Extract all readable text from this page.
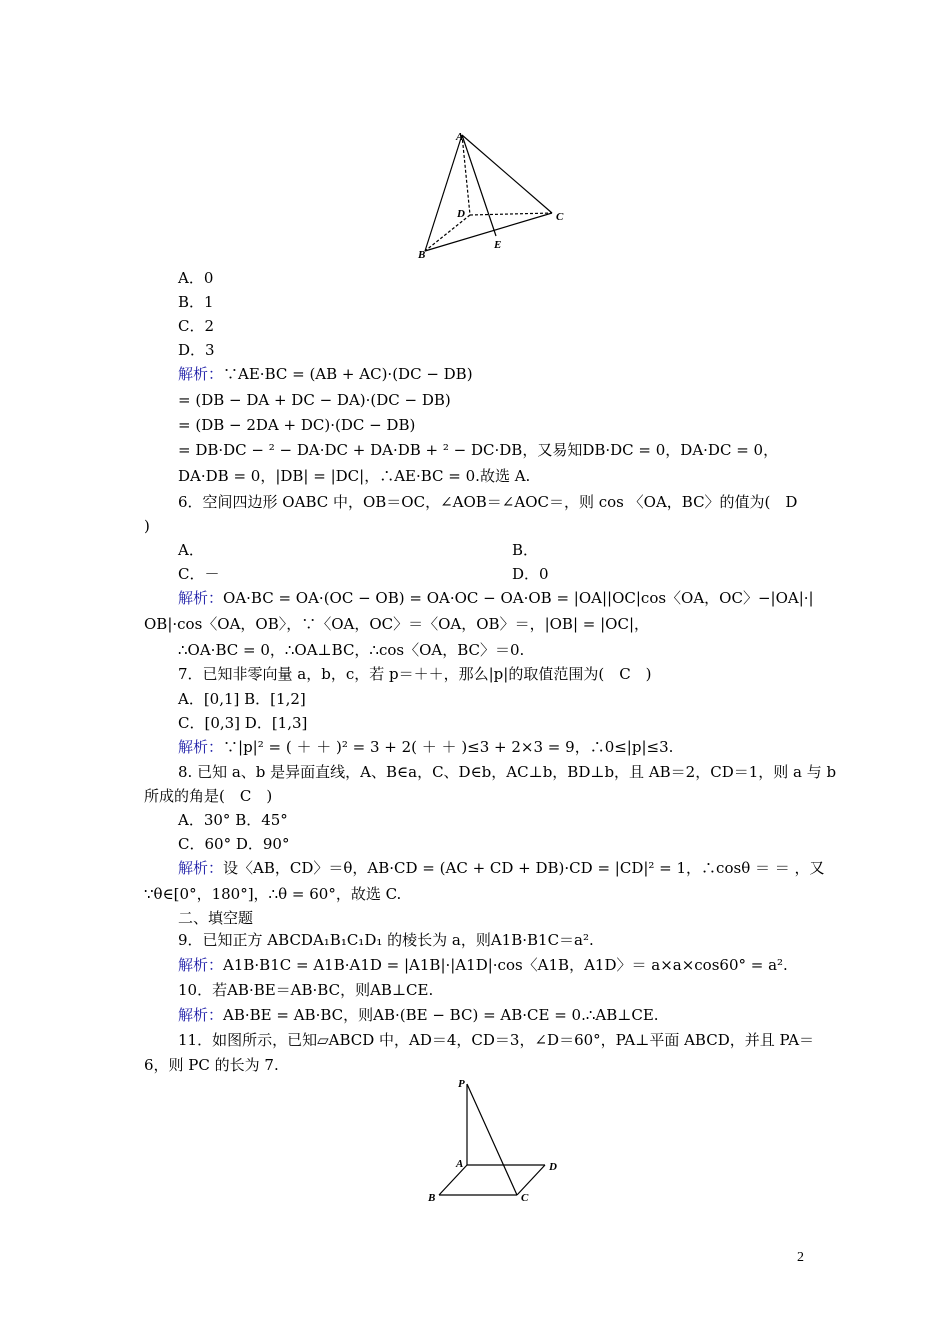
A
D	C
B
E
A．0
B．1
C．2
D．3
解析：∵AE·BC = (AB + AC)·(DC − DB)
= (DB − DA + DC − DA)·(DC − DB)
= (DB − 2DA + DC)·(DC − DB)
= DB·DC − ² − DA·DC + DA·DB + ² − DC·DB，又易知DB·DC = 0，DA·DC = 0，
DA·DB = 0，|DB| = |DC|，∴AE·BC = 0.故选 A.
6．空间四边形 OABC 中，OB＝OC，∠AOB＝∠AOC＝，则 cos 〈OA，BC〉的值为(　D
)
A．	B．
C．－	D．0
解析：OA·BC = OA·(OC − OB) = OA·OC − OA·OB = |OA||OC|cos〈OA，OC〉−|OA|·|
OB|·cos〈OA，OB〉，∵〈OA，OC〉＝〈OA，OB〉＝，|OB| = |OC|，
∴OA·BC = 0，∴OA⊥BC，∴cos〈OA，BC〉＝0.
7．已知非零向量 a，b，c，若 p＝＋＋，那么|p|的取值范围为(　C　)
A．[0,1] B．[1,2]
C．[0,3] D．[1,3]
解析：∵|p|² = ( ＋ ＋ )² = 3 + 2( ＋ ＋ )≤3 + 2×3 = 9，∴0≤|p|≤3.
8. 已知 a、b 是异面直线，A、B∈a，C、D∈b，AC⊥b，BD⊥b，且 AB＝2，CD＝1，则 a 与 b
所成的角是(　C　)
A．30° B．45°
C．60° D．90°
解析：设〈AB，CD〉＝θ，AB·CD = (AC + CD + DB)·CD = |CD|² = 1，∴cosθ ＝ ＝ ，又
∵θ∈[0°，180°]，∴θ = 60°，故选 C.
二、填空题
9．已知正方 ABCDA₁B₁C₁D₁ 的棱长为 a，则A1B·B1C＝a².
解析：A1B·B1C = A1B·A1D = |A1B|·|A1D|·cos〈A1B，A1D〉＝ a×a×cos60° = a².
10．若AB·BE＝AB·BC，则AB⊥CE.
解析：AB·BE = AB·BC，则AB·(BE − BC) = AB·CE = 0.∴AB⊥CE.
11．如图所示，已知▱ABCD 中，AD＝4，CD＝3，∠D＝60°，PA⊥平面 ABCD，并且 PA＝
6，则 PC 的长为 7.
P
A	D
B	C
2
